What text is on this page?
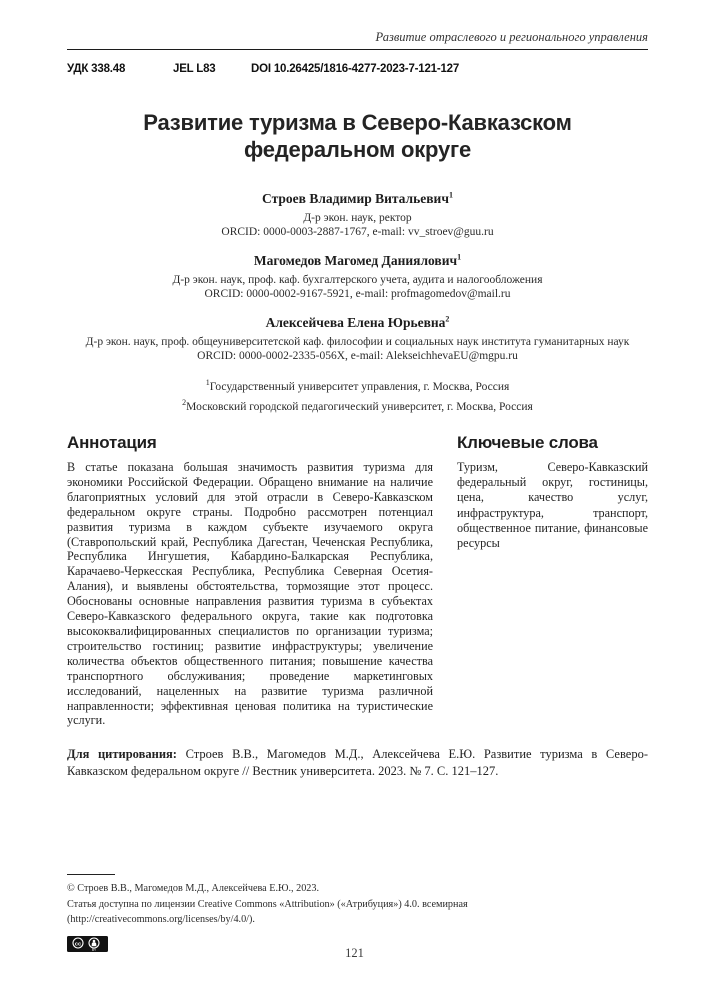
Развитие отраслевого и регионального управления
УДК 338.48	JEL L83	DOI 10.26425/1816-4277-2023-7-121-127
Развитие туризма в Северо-Кавказском федеральном округе
Строев Владимир Витальевич$^1$
Д-р экон. наук, ректор
ORCID: 0000-0003-2887-1767, e-mail: vv_stroev@guu.ru
Магомедов Магомед Даниялович$^1$
Д-р экон. наук, проф. каф. бухгалтерского учета, аудита и налогообложения
ORCID: 0000-0002-9167-5921, e-mail: profmagomedov@mail.ru
Алексейчева Елена Юрьевна$^2$
Д-р экон. наук, проф. общеуниверситетской каф. философии и социальных наук института гуманитарных наук
ORCID: 0000-0002-2335-056X, e-mail: AlekseichhevaEU@mgpu.ru
$^1$Государственный университет управления, г. Москва, Россия
$^2$Московский городской педагогический университет, г. Москва, Россия
Аннотация
В статье показана большая значимость развития туризма для экономики Российской Федерации. Обращено внимание на наличие благоприятных условий для этой отрасли в Северо-Кавказском федеральном округе страны. Подробно рассмотрен потенциал развития туризма в каждом субъекте изучаемого округа (Ставропольский край, Республика Дагестан, Чеченская Республика, Республика Ингушетия, Кабардино-Балкарская Республика, Карачаево-Черкесская Республика, Республика Северная Осетия-Алания), и выявлены обстоятельства, тормозящие этот процесс. Обоснованы основные направления развития туризма в субъектах Северо-Кавказского федерального округа, такие как подготовка высококвалифицированных специалистов по организации туризма; строительство гостиниц; развитие инфраструктуры; увеличение количества объектов общественного питания; повышение качества транспортного обслуживания; проведение маркетинговых исследований, нацеленных на развитие туризма различной направленности; эффективная ценовая политика на туристические услуги.
Ключевые слова
Туризм, Северо-Кавказский федеральный округ, гостиницы, цена, качество услуг, инфраструктура, транспорт, общественное питание, финансовые ресурсы
Для цитирования: Строев В.В., Магомедов М.Д., Алексейчева Е.Ю. Развитие туризма в Северо-Кавказском федеральном округе // Вестник университета. 2023. № 7. С. 121–127.
© Строев В.В., Магомедов М.Д., Алексейчева Е.Ю., 2023.
Статья доступна по лицензии Creative Commons «Attribution» («Атрибуция») 4.0. всемирная (http://creativecommons.org/licenses/by/4.0/).
cc
BY	121
